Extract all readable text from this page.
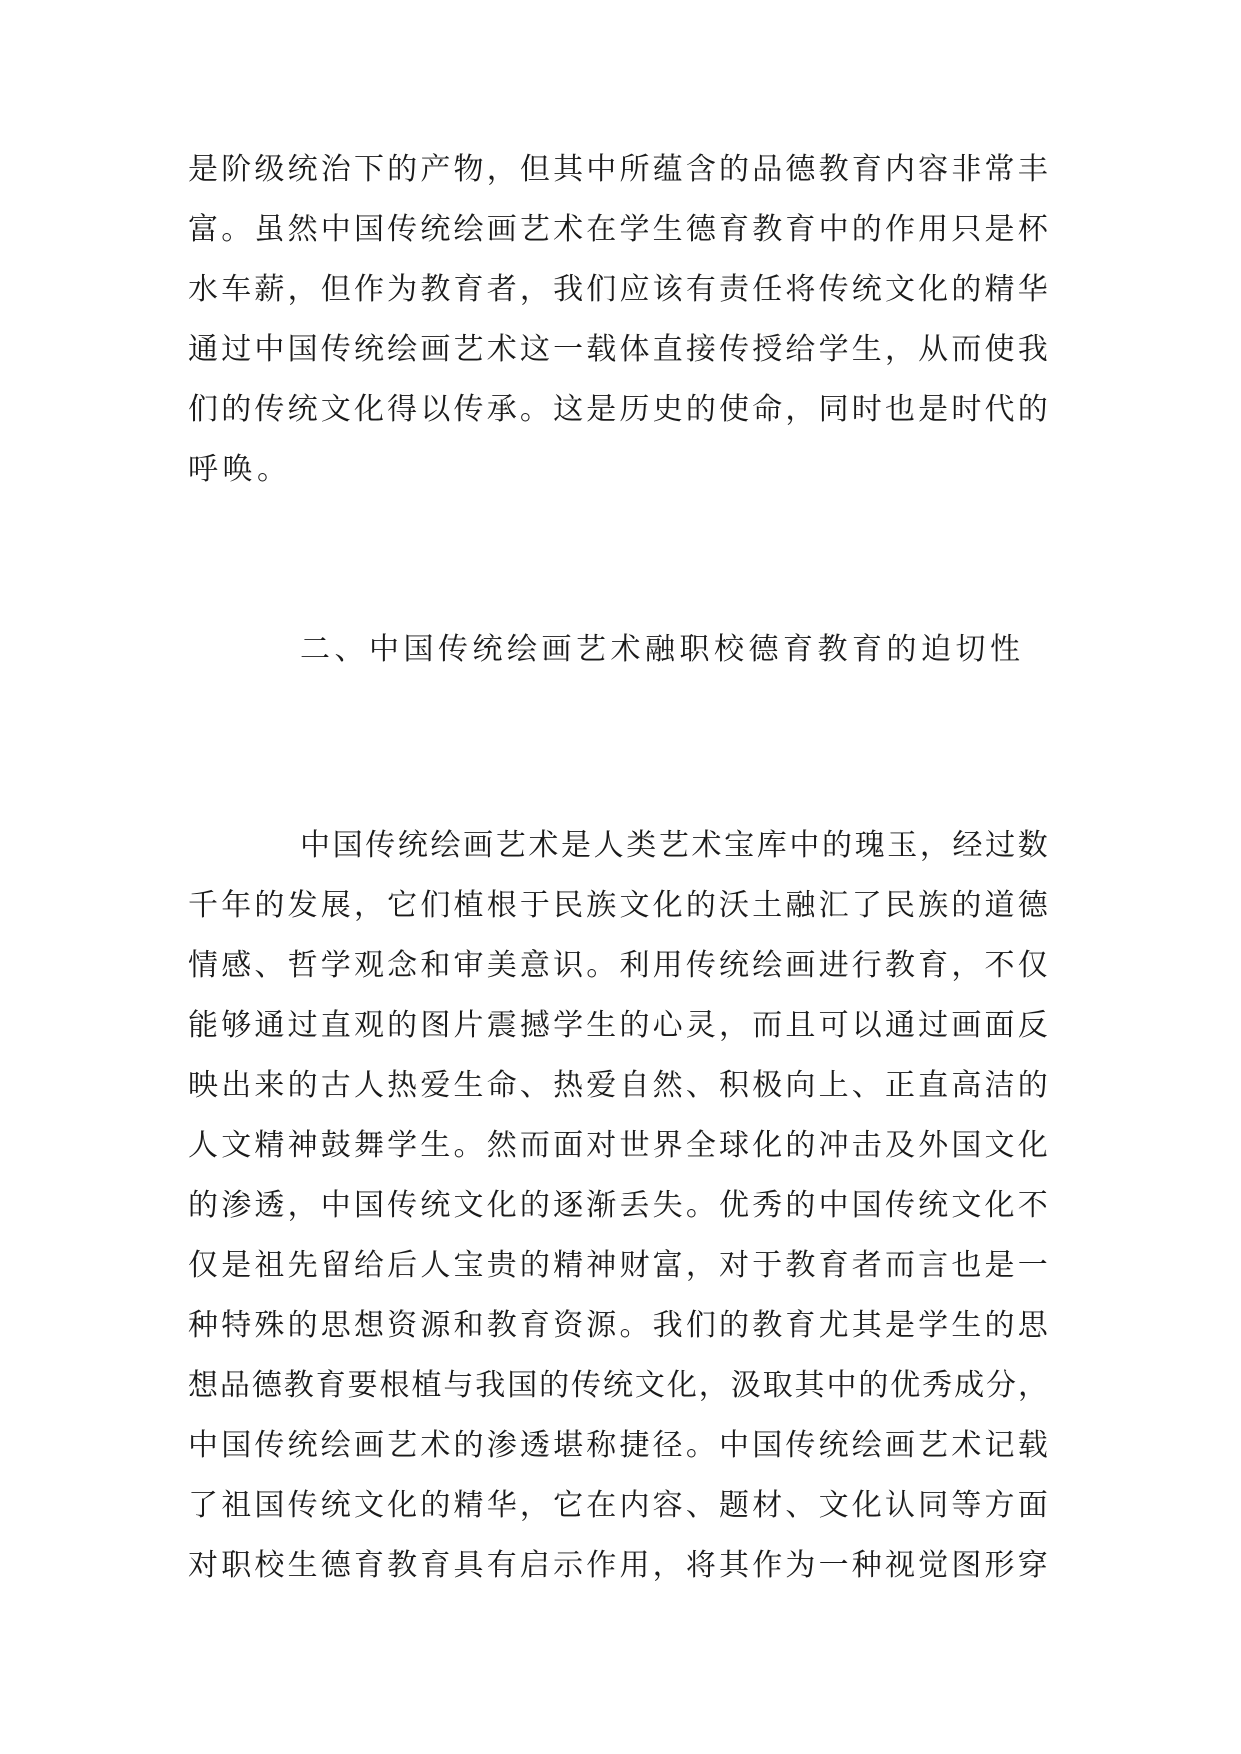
是 阶 级 统 治 下 的 产 物 ， 但 其 中 所 蕴 含 的 品 德 教 育 内 容 非 常 丰
富 。 虽 然 中 国 传 统 绘 画 艺 术 在 学 生 德 育 教 育 中 的 作 用 只 是 杯
水 车 薪 ， 但 作 为 教 育 者 ， 我 们 应 该 有 责 任 将 传 统 文 化 的 精 华
通 过 中 国 传 统 绘 画 艺 术 这 一 载 体 直 接 传 授 给 学 生 ， 从 而 使 我
们 的 传 统 文 化 得 以 传 承 。 这 是 历 史 的 使 命 ， 同 时 也 是 时 代 的
呼唤。
二、中国传统绘画艺术融职校德育教育的迫切性
中 国 传 统 绘 画 艺 术 是 人 类 艺 术 宝 库 中 的 瑰 玉 ， 经 过 数
千 年 的 发 展 ， 它 们 植 根 于 民 族 文 化 的 沃 土 融 汇 了 民 族 的 道 德
情 感 、 哲 学 观 念 和 审 美 意 识 。 利 用 传 统 绘 画 进 行 教 育 ， 不 仅
能 够 通 过 直 观 的 图 片 震 撼 学 生 的 心 灵 ， 而 且 可 以 通 过 画 面 反
映 出 来 的 古 人 热 爱 生 命 、 热 爱 自 然 、 积 极 向 上 、 正 直 高 洁 的
人 文 精 神 鼓 舞 学 生 。 然 而 面 对 世 界 全 球 化 的 冲 击 及 外 国 文 化
的 渗 透 ， 中 国 传 统 文 化 的 逐 渐 丢 失 。 优 秀 的 中 国 传 统 文 化 不
仅 是 祖 先 留 给 后 人 宝 贵 的 精 神 财 富 ， 对 于 教 育 者 而 言 也 是 一
种 特 殊 的 思 想 资 源 和 教 育 资 源 。 我 们 的 教 育 尤 其 是 学 生 的 思
想 品 德 教 育 要 根 植 与 我 国 的 传 统 文 化 ， 汲 取 其 中 的 优 秀 成 分 ，
中 国 传 统 绘 画 艺 术 的 渗 透 堪 称 捷 径 。 中 国 传 统 绘 画 艺 术 记 载
了 祖 国 传 统 文 化 的 精 华 ， 它 在 内 容 、 题 材 、 文 化 认 同 等 方 面
对 职 校 生 德 育 教 育 具 有 启 示 作 用 ， 将 其 作 为 一 种 视 觉 图 形 穿
